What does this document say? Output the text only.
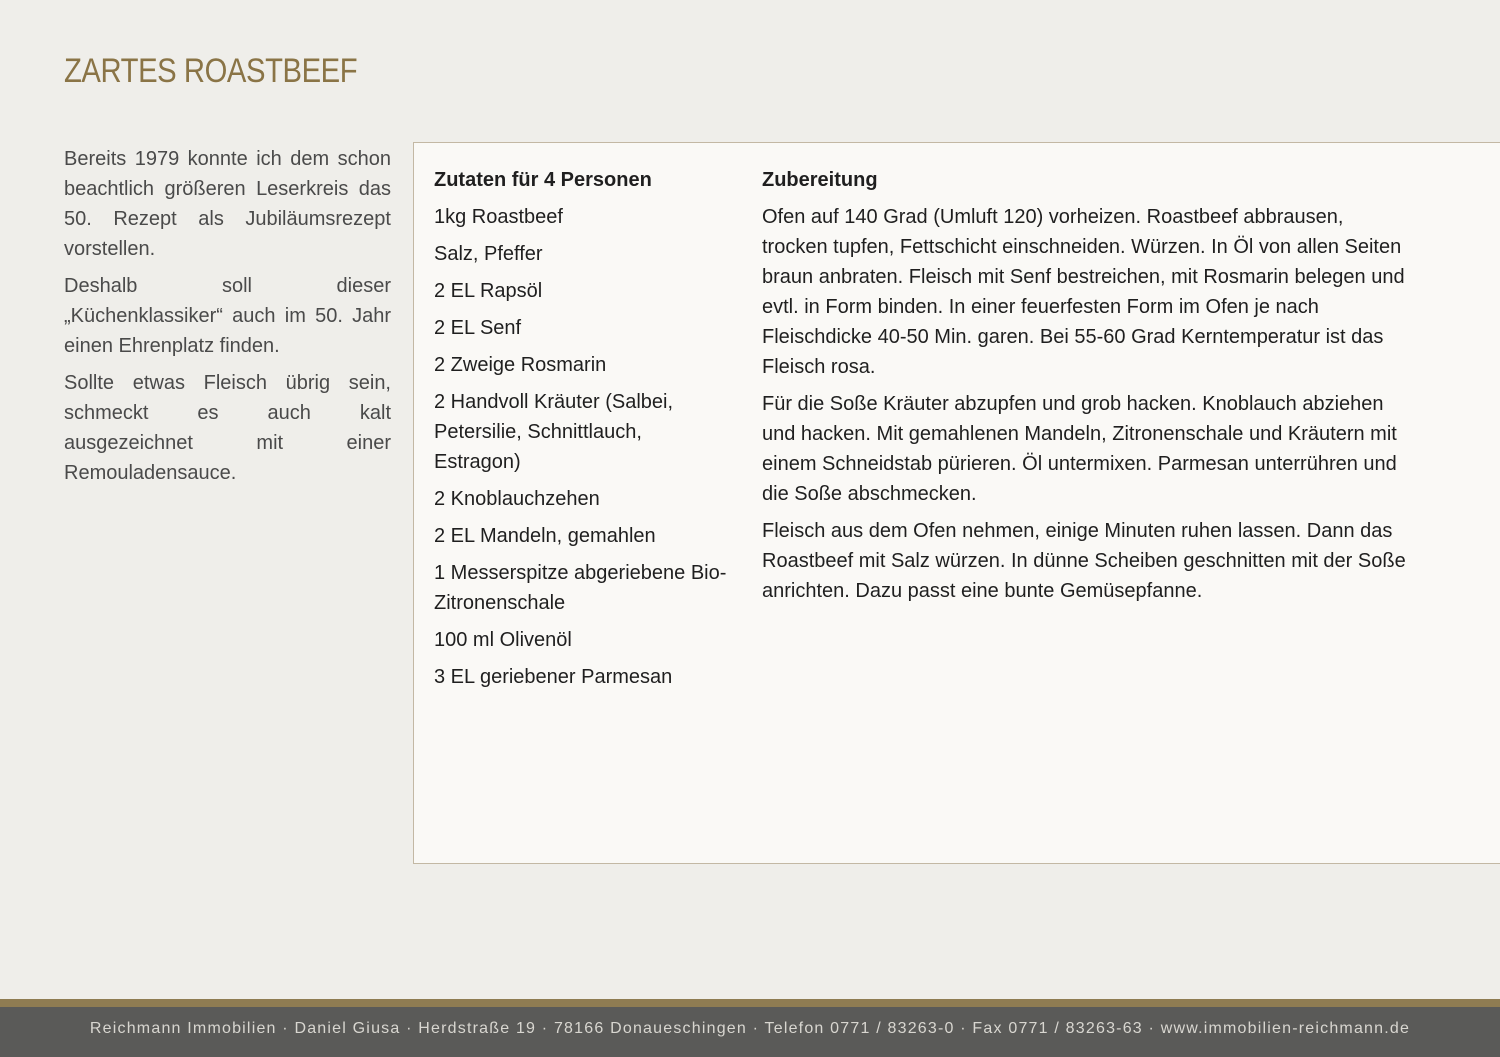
ZARTES ROASTBEEF

Bereits 1979 konnte ich dem schon beachtlich größeren Leserkreis das 50. Rezept als Jubiläumsrezept vorstellen.

Deshalb soll dieser „Küchenklassiker“ auch im 50. Jahr einen Ehrenplatz finden.

Sollte etwas Fleisch übrig sein, schmeckt es auch kalt ausgezeichnet mit einer Remouladensauce.

Zutaten für 4 Personen
1kg Roastbeef
Salz, Pfeffer
2 EL Rapsöl
2 EL Senf
2 Zweige Rosmarin
2 Handvoll Kräuter (Salbei, Petersilie, Schnittlauch, Estragon)
2 Knoblauchzehen
2 EL Mandeln, gemahlen
1 Messerspitze abgeriebene Bio-Zitronenschale
100 ml Olivenöl
3 EL geriebener Parmesan
Zubereitung

Ofen auf 140 Grad (Umluft 120) vorheizen. Roastbeef abbrausen, trocken tupfen, Fettschicht einschneiden. Würzen. In Öl von allen Seiten braun anbraten. Fleisch mit Senf bestreichen, mit Rosmarin belegen und evtl. in Form binden. In einer feuerfesten Form im Ofen je nach Fleischdicke 40-50 Min. garen. Bei 55-60 Grad Kerntemperatur ist das Fleisch rosa.

Für die Soße Kräuter abzupfen und grob hacken. Knoblauch abziehen und hacken. Mit gemahlenen Mandeln, Zitronenschale und Kräutern mit einem Schneidstab pürieren. Öl untermixen. Parmesan unterrühren und die Soße abschmecken.

Fleisch aus dem Ofen nehmen, einige Minuten ruhen lassen. Dann das Roastbeef mit Salz würzen. In dünne Scheiben geschnitten mit der Soße anrichten. Dazu passt eine bunte Gemüsepfanne.

Reichmann Immobilien · Daniel Giusa · Herdstraße 19 · 78166 Donaueschingen · Telefon 0771 / 83263-0 · Fax 0771 / 83263-63 · www.immobilien-reichmann.de
